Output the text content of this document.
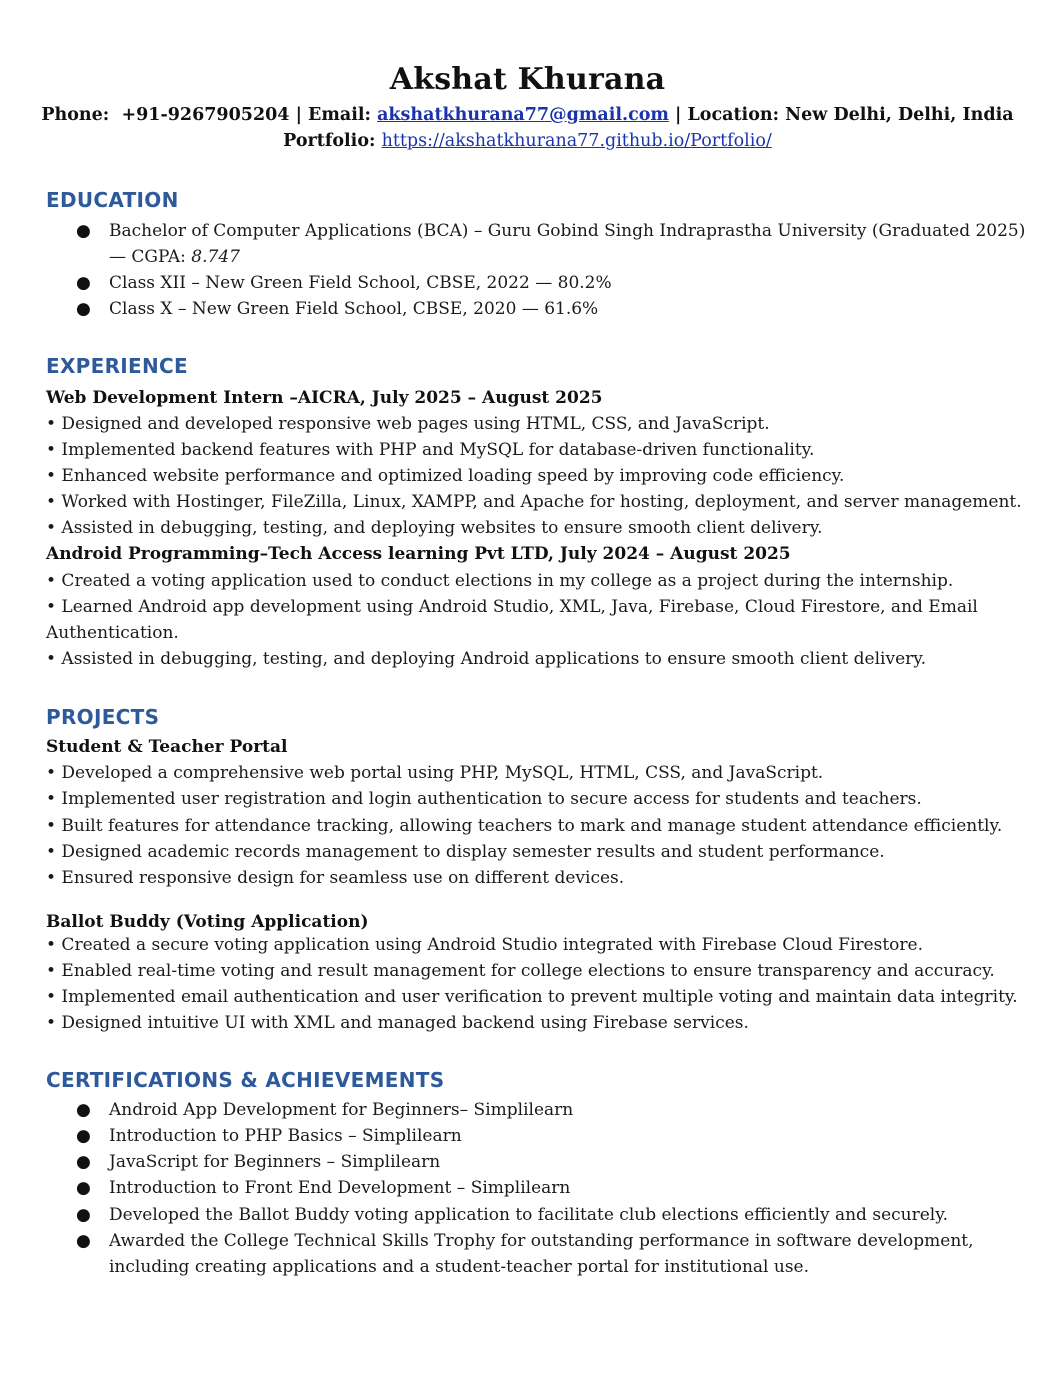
Akshat Khurana
Phone: +91-9267905204 | Email: akshatkhurana77@gmail.com | Location: New Delhi, Delhi, India
Portfolio: https://akshatkhurana77.github.io/Portfolio/
EDUCATION
● Bachelor of Computer Applications (BCA) – Guru Gobind Singh Indraprastha University (Graduated 2025)
— CGPA: 8.747
● Class XII – New Green Field School, CBSE, 2022 — 80.2%
● Class X – New Green Field School, CBSE, 2020 — 61.6%
EXPERIENCE
Web Development Intern –AICRA, July 2025 – August 2025
• Designed and developed responsive web pages using HTML, CSS, and JavaScript.
• Implemented backend features with PHP and MySQL for database-driven functionality.
• Enhanced website performance and optimized loading speed by improving code efficiency.
• Worked with Hostinger, FileZilla, Linux, XAMPP, and Apache for hosting, deployment, and server management.
• Assisted in debugging, testing, and deploying websites to ensure smooth client delivery.
Android Programming–Tech Access learning Pvt LTD, July 2024 – August 2025
• Created a voting application used to conduct elections in my college as a project during the internship.
• Learned Android app development using Android Studio, XML, Java, Firebase, Cloud Firestore, and Email
Authentication.
• Assisted in debugging, testing, and deploying Android applications to ensure smooth client delivery.
PROJECTS
Student & Teacher Portal
• Developed a comprehensive web portal using PHP, MySQL, HTML, CSS, and JavaScript.
• Implemented user registration and login authentication to secure access for students and teachers.
• Built features for attendance tracking, allowing teachers to mark and manage student attendance efficiently.
• Designed academic records management to display semester results and student performance.
• Ensured responsive design for seamless use on different devices.
Ballot Buddy (Voting Application)
• Created a secure voting application using Android Studio integrated with Firebase Cloud Firestore.
• Enabled real-time voting and result management for college elections to ensure transparency and accuracy.
• Implemented email authentication and user verification to prevent multiple voting and maintain data integrity.
• Designed intuitive UI with XML and managed backend using Firebase services.
CERTIFICATIONS & ACHIEVEMENTS
● Android App Development for Beginners– Simplilearn
● Introduction to PHP Basics – Simplilearn
● JavaScript for Beginners – Simplilearn
● Introduction to Front End Development – Simplilearn
● Developed the Ballot Buddy voting application to facilitate club elections efficiently and securely.
● Awarded the College Technical Skills Trophy for outstanding performance in software development,
including creating applications and a student-teacher portal for institutional use.
